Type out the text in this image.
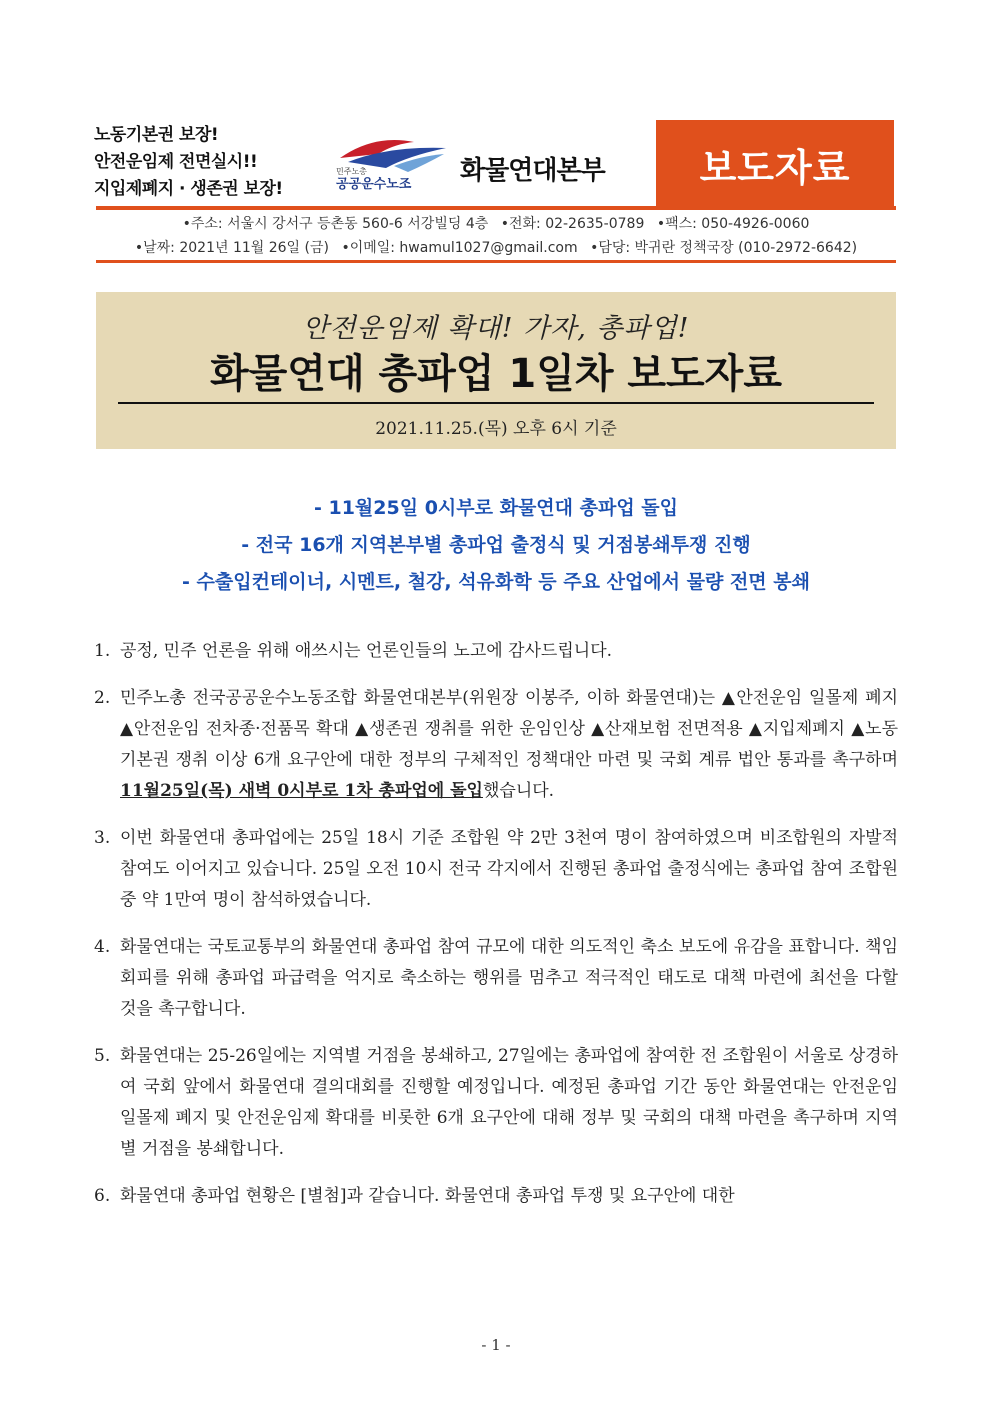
노동기본권 보장!
안전운임제 전면실시!!
지입제폐지 · 생존권 보장!
민주노총
공공운수노조 화물연대본부	보도자료
•주소: 서울시 강서구 등촌동 560-6 서강빌딩 4층 •전화: 02-2635-0789 •팩스: 050-4926-0060
•날짜: 2021년 11월 26일 (금) •이메일: hwamul1027@gmail.com •담당: 박귀란 정책국장 (010-2972-6642)
안전운임제 확대! 가자, 총파업!
화물연대 총파업 1일차 보도자료
2021.11.25.(목) 오후 6시 기준
- 11월25일 0시부로 화물연대 총파업 돌입
- 전국 16개 지역본부별 총파업 출정식 및 거점봉쇄투쟁 진행
- 수출입컨테이너, 시멘트, 철강, 석유화학 등 주요 산업에서 물량 전면 봉쇄
1. 공정, 민주 언론을 위해 애쓰시는 언론인들의 노고에 감사드립니다.
2. 민주노총 전국공공운수노동조합 화물연대본부(위원장 이봉주, 이하 화물연대)는 ▲안전운임 일몰제 폐지 ▲안전운임 전차종·전품목 확대 ▲생존권 쟁취를 위한 운임인상 ▲산재보험 전면적용 ▲지입제폐지 ▲노동기본권 쟁취 이상 6개 요구안에 대한 정부의 구체적인 정책대안 마련 및 국회 계류 법안 통과를 촉구하며 11월25일(목) 새벽 0시부로 1차 총파업에 돌입했습니다.
3. 이번 화물연대 총파업에는 25일 18시 기준 조합원 약 2만 3천여 명이 참여하였으며 비조합원의 자발적 참여도 이어지고 있습니다. 25일 오전 10시 전국 각지에서 진행된 총파업 출정식에는 총파업 참여 조합원 중 약 1만여 명이 참석하였습니다.
4. 화물연대는 국토교통부의 화물연대 총파업 참여 규모에 대한 의도적인 축소 보도에 유감을 표합니다. 책임 회피를 위해 총파업 파급력을 억지로 축소하는 행위를 멈추고 적극적인 태도로 대책 마련에 최선을 다할 것을 촉구합니다.
5. 화물연대는 25-26일에는 지역별 거점을 봉쇄하고, 27일에는 총파업에 참여한 전 조합원이 서울로 상경하여 국회 앞에서 화물연대 결의대회를 진행할 예정입니다. 예정된 총파업 기간 동안 화물연대는 안전운임 일몰제 폐지 및 안전운임제 확대를 비롯한 6개 요구안에 대해 정부 및 국회의 대책 마련을 촉구하며 지역별 거점을 봉쇄합니다.
6. 화물연대 총파업 현황은 [별첨]과 같습니다. 화물연대 총파업 투쟁 및 요구안에 대한
- 1 -
